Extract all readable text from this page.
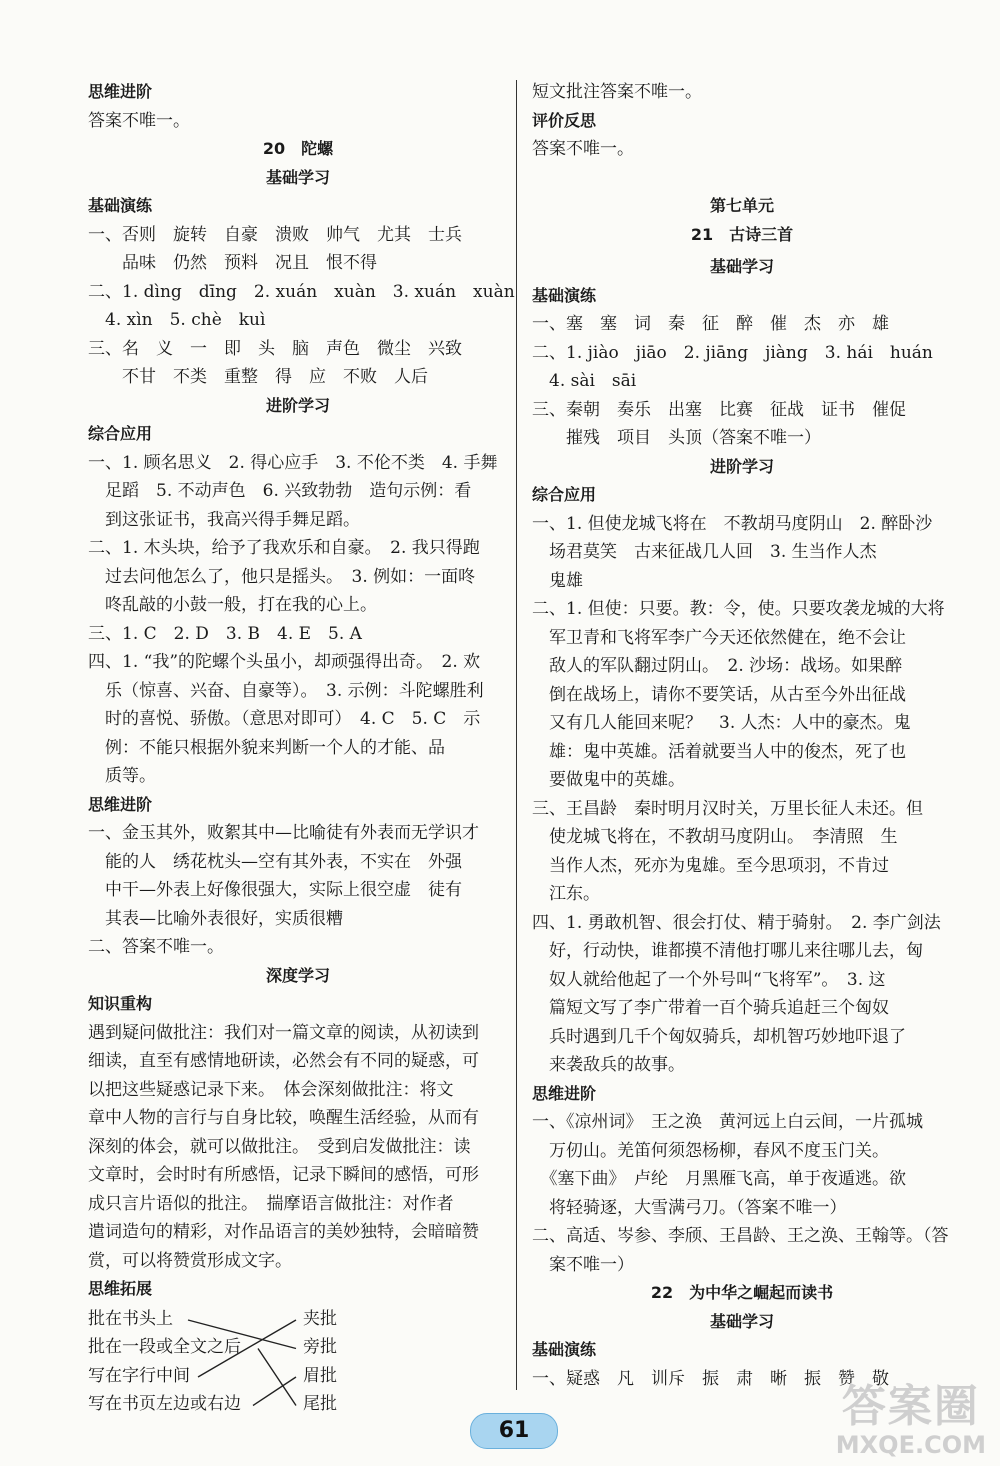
思维进阶
答案不唯一。
20　陀螺
基础学习
基础演练
一、否则　旋转　自豪　溃败　帅气　尤其　士兵
　　品味　仍然　预料　况且　恨不得
二、1. dìng　dīng　2. xuán　xuàn　3. xuán　xuàn
　4. xìn　5. chè　kuì
三、名　义　一　即　头　脑　声色　微尘　兴致
　　不甘　不类　重整　得　应　不败　人后
进阶学习
综合应用
一、1. 顾名思义　2. 得心应手　3. 不伦不类　4. 手舞
　足蹈　5. 不动声色　6. 兴致勃勃　造句示例：看
　到这张证书，我高兴得手舞足蹈。
二、1. 木头块，给予了我欢乐和自豪。　2. 我只得跑
　过去问他怎么了，他只是摇头。　3. 例如：一面咚
　咚乱敲的小鼓一般，打在我的心上。
三、1. C　2. D　3. B　4. E　5. A
四、1. “我”的陀螺个头虽小，却顽强得出奇。　2. 欢
　乐（惊喜、兴奋、自豪等）。　3. 示例：斗陀螺胜利
　时的喜悦、骄傲。（意思对即可）　4. C　5. C　示
　例：不能只根据外貌来判断一个人的才能、品
　质等。
思维进阶
一、金玉其外，败絮其中—比喻徒有外表而无学识才
　能的人　绣花枕头—空有其外表，不实在　外强
　中干—外表上好像很强大，实际上很空虚　徒有
　其表—比喻外表很好，实质很糟
二、答案不唯一。
深度学习
知识重构
遇到疑问做批注：我们对一篇文章的阅读，从初读到
细读，直至有感情地研读，必然会有不同的疑惑，可
以把这些疑惑记录下来。　体会深刻做批注：将文
章中人物的言行与自身比较，唤醒生活经验，从而有
深刻的体会，就可以做批注。　受到启发做批注：读
文章时，会时时有所感悟，记录下瞬间的感悟，可形
成只言片语似的批注。　揣摩语言做批注：对作者
遣词造句的精彩，对作品语言的美妙独特，会暗暗赞
赏，可以将赞赏形成文字。
思维拓展
批在书头上
批在一段或全文之后
写在字行中间
写在书页左边或右边
夹批
旁批
眉批
尾批
短文批注答案不唯一。
评价反思
答案不唯一。

第七单元
21　古诗三首

基础学习
基础演练
一、塞　塞　词　秦　征　醉　催　杰　亦　雄
二、1. jiào　jiāo　2. jiāng　jiàng　3. hái　huán
　4. sài　sāi
三、秦朝　奏乐　出塞　比赛　征战　证书　催促
　　摧残　项目　头顶（答案不唯一）
进阶学习
综合应用
一、1. 但使龙城飞将在　不教胡马度阴山　2. 醉卧沙
　场君莫笑　古来征战几人回　3. 生当作人杰
　鬼雄
二、1. 但使：只要。教：令，使。只要攻袭龙城的大将
　军卫青和飞将军李广今天还依然健在，绝不会让
　敌人的军队翻过阴山。　2. 沙场：战场。如果醉
　倒在战场上，请你不要笑话，从古至今外出征战
　又有几人能回来呢？　3. 人杰：人中的豪杰。鬼
　雄：鬼中英雄。活着就要当人中的俊杰，死了也
　要做鬼中的英雄。
三、王昌龄　秦时明月汉时关，万里长征人未还。但
　使龙城飞将在，不教胡马度阴山。　李清照　生
　当作人杰，死亦为鬼雄。至今思项羽，不肯过
　江东。
四、1. 勇敢机智、很会打仗、精于骑射。　2. 李广剑法
　好，行动快，谁都摸不清他打哪儿来往哪儿去，匈
　奴人就给他起了一个外号叫“飞将军”。　3. 这
　篇短文写了李广带着一百个骑兵追赶三个匈奴
　兵时遇到几千个匈奴骑兵，却机智巧妙地吓退了
　来袭敌兵的故事。
思维进阶
一、《凉州词》　王之涣　黄河远上白云间，一片孤城
　万仞山。羌笛何须怨杨柳，春风不度玉门关。
　《塞下曲》　卢纶　月黑雁飞高，单于夜遁逃。欲
　将轻骑逐，大雪满弓刀。（答案不唯一）
二、高适、岑参、李颀、王昌龄、王之涣、王翰等。（答
　案不唯一）
22　为中华之崛起而读书
基础学习
基础演练
一、疑惑　凡　训斥　振　肃　晰　振　赞　敬
61	答案圈
MXQE.COM
